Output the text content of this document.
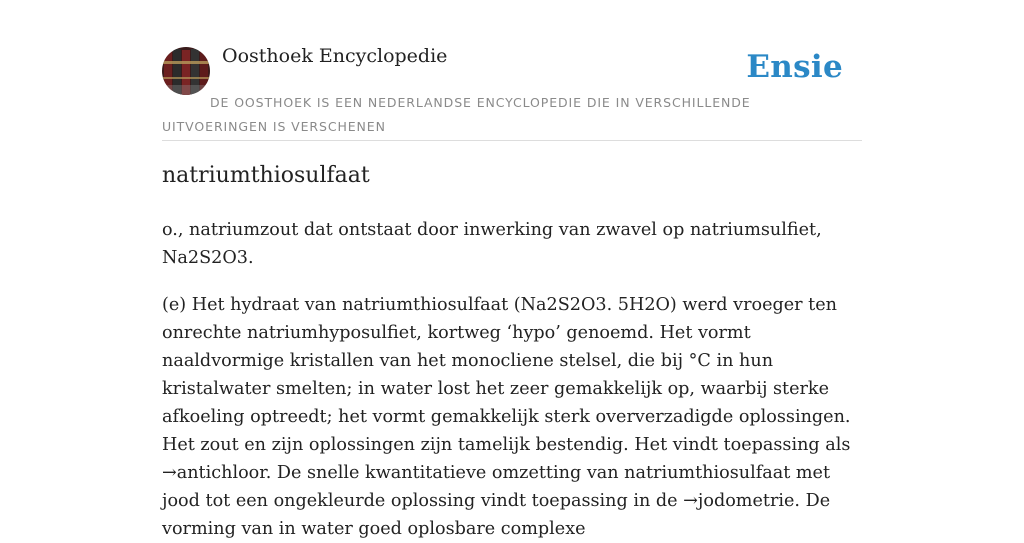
Oosthoek Encyclopedie	Ensie
DE OOSTHOEK IS EEN NEDERLANDSE ENCYCLOPEDIE DIE IN VERSCHILLENDE UITVOERINGEN IS VERSCHENEN
natriumthiosulfaat

o., natriumzout dat ontstaat door inwerking van zwavel op natriumsulfiet, Na2S2O3.

(e) Het hydraat van natriumthiosulfaat (Na2S2O3. 5H2O) werd vroeger ten onrechte natriumhyposulfiet, kortweg ‘hypo’ genoemd. Het vormt naaldvormige kristallen van het monocliene stelsel, die bij °C in hun kristalwater smelten; in water lost het zeer gemakkelijk op, waarbij sterke afkoeling optreedt; het vormt gemakkelijk sterk oververzadigde oplossingen. Het zout en zijn oplossingen zijn tamelijk bestendig. Het vindt toepassing als →antichloor. De snelle kwantitatieve omzetting van natriumthiosulfaat met jood tot een ongekleurde oplossing vindt toepassing in de →jodometrie. De vorming van in water goed oplosbare complexe
